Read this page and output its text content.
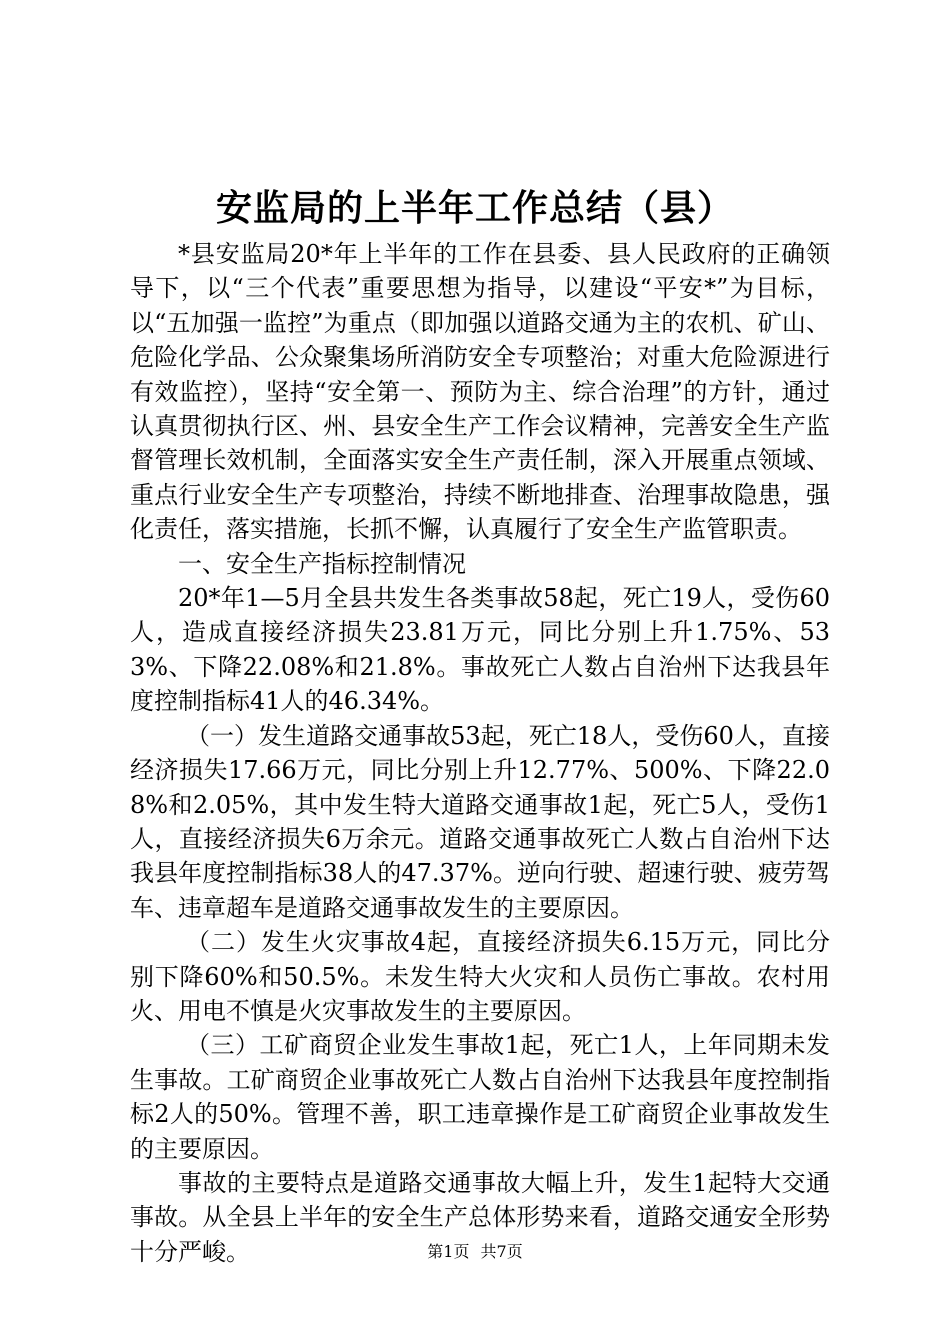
安监局的上半年工作总结（县）

*县安监局20*年上半年的工作在县委、县人民政府的正确领导下，以“三个代表”重要思想为指导，以建设“平安*”为目标，以“五加强一监控”为重点（即加强以道路交通为主的农机、矿山、危险化学品、公众聚集场所消防安全专项整治；对重大危险源进行有效监控），坚持“安全第一、预防为主、综合治理”的方针，通过认真贯彻执行区、州、县安全生产工作会议精神，完善安全生产监督管理长效机制，全面落实安全生产责任制，深入开展重点领域、重点行业安全生产专项整治，持续不断地排查、治理事故隐患，强化责任，落实措施，长抓不懈，认真履行了安全生产监管职责。

一、安全生产指标控制情况

20*年1—5月全县共发生各类事故58起，死亡19人，受伤60人，造成直接经济损失23.81万元，同比分别上升1.75%、533%、下降22.08%和21.8%。事故死亡人数占自治州下达我县年度控制指标41人的46.34%。

（一）发生道路交通事故53起，死亡18人，受伤60人，直接经济损失17.66万元，同比分别上升12.77%、500%、下降22.08%和2.05%，其中发生特大道路交通事故1起，死亡5人，受伤1人，直接经济损失6万余元。道路交通事故死亡人数占自治州下达我县年度控制指标38人的47.37%。逆向行驶、超速行驶、疲劳驾车、违章超车是道路交通事故发生的主要原因。

（二）发生火灾事故4起，直接经济损失6.15万元，同比分别下降60%和50.5%。未发生特大火灾和人员伤亡事故。农村用火、用电不慎是火灾事故发生的主要原因。

（三）工矿商贸企业发生事故1起，死亡1人，上年同期未发生事故。工矿商贸企业事故死亡人数占自治州下达我县年度控制指标2人的50%。管理不善，职工违章操作是工矿商贸企业事故发生的主要原因。

事故的主要特点是道路交通事故大幅上升，发生1起特大交通事故。从全县上半年的安全生产总体形势来看，道路交通安全形势十分严峻。	第1页 共7页
